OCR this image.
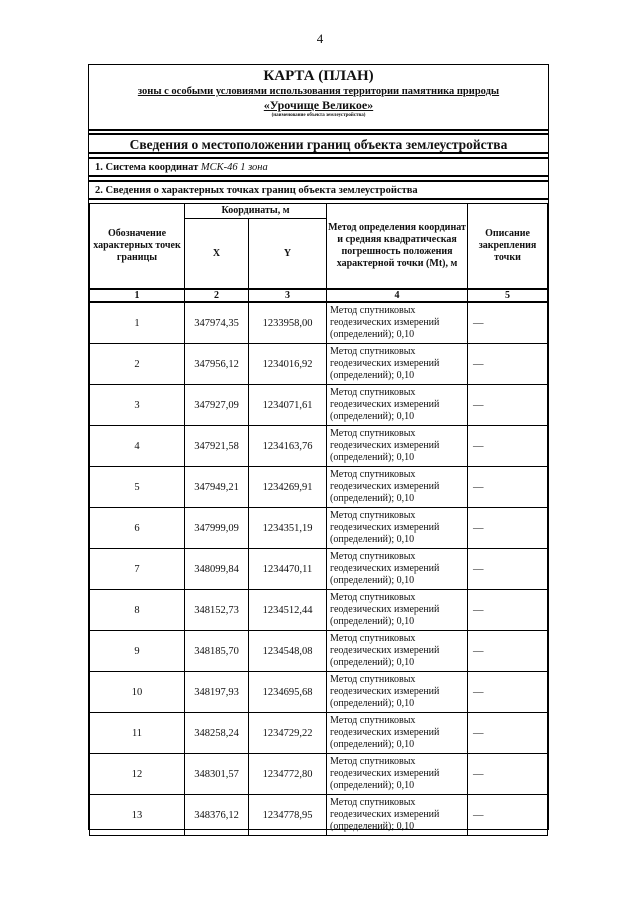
4
КАРТА (ПЛАН)
зоны с особыми условиями использования территории памятника природы
«Урочище Великое»
(наименование объекта землеустройства)
Сведения о местоположении границ объекта землеустройства
1. Система координат МСК-46 1 зона
2. Сведения о характерных точках границ объекта землеустройства
Обозначение характерных точек границы	Координаты, м		Метод определения координат и средняя квадратическая погрешность положения характерной точки (Мt), м	Описание закрепления точки
	X	Y		
1	2	3	4	5
1	347974,35	1233958,00	Метод спутниковых геодезических измерений (определений); 0,10	—
2	347956,12	1234016,92	Метод спутниковых геодезических измерений (определений); 0,10	—
3	347927,09	1234071,61	Метод спутниковых геодезических измерений (определений); 0,10	—
4	347921,58	1234163,76	Метод спутниковых геодезических измерений (определений); 0,10	—
5	347949,21	1234269,91	Метод спутниковых геодезических измерений (определений); 0,10	—
6	347999,09	1234351,19	Метод спутниковых геодезических измерений (определений); 0,10	—
7	348099,84	1234470,11	Метод спутниковых геодезических измерений (определений); 0,10	—
8	348152,73	1234512,44	Метод спутниковых геодезических измерений (определений); 0,10	—
9	348185,70	1234548,08	Метод спутниковых геодезических измерений (определений); 0,10	—
10	348197,93	1234695,68	Метод спутниковых геодезических измерений (определений); 0,10	—
11	348258,24	1234729,22	Метод спутниковых геодезических измерений (определений); 0,10	—
12	348301,57	1234772,80	Метод спутниковых геодезических измерений (определений); 0,10	—
13	348376,12	1234778,95	Метод спутниковых геодезических измерений (определений); 0,10	—
